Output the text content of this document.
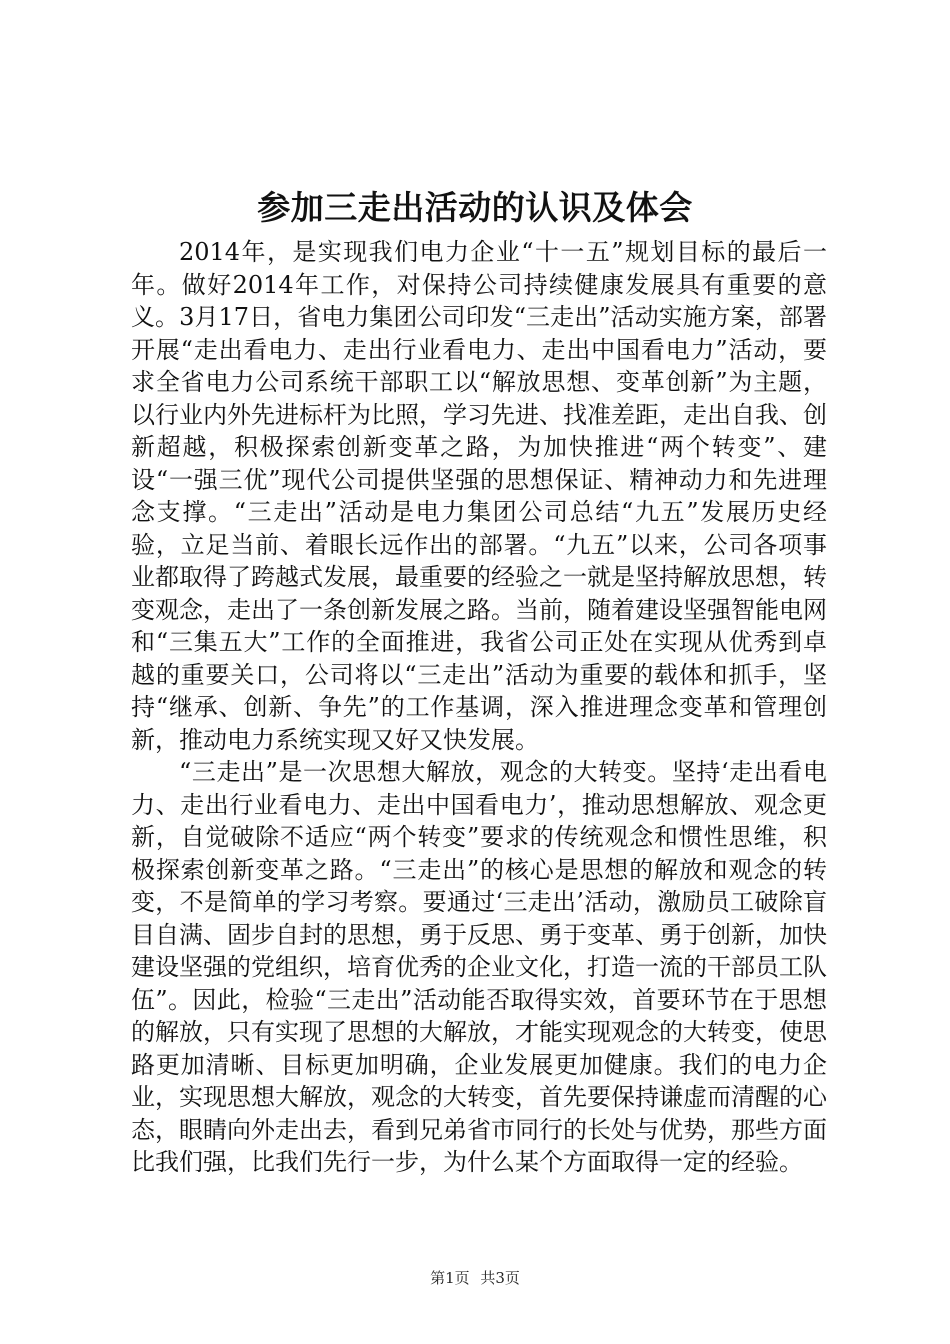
参加三走出活动的认识及体会

2014年，是实现我们电力企业“十一五”规划目标的最后一年。做好2014年工作，对保持公司持续健康发展具有重要的意义。3月17日，省电力集团公司印发“三走出”活动实施方案，部署开展“走出看电力、走出行业看电力、走出中国看电力”活动，要求全省电力公司系统干部职工以“解放思想、变革创新”为主题，以行业内外先进标杆为比照，学习先进、找准差距，走出自我、创新超越，积极探索创新变革之路，为加快推进“两个转变”、建设“一强三优”现代公司提供坚强的思想保证、精神动力和先进理念支撑。“三走出”活动是电力集团公司总结“九五”发展历史经验，立足当前、着眼长远作出的部署。“九五”以来，公司各项事业都取得了跨越式发展，最重要的经验之一就是坚持解放思想，转变观念，走出了一条创新发展之路。当前，随着建设坚强智能电网和“三集五大”工作的全面推进，我省公司正处在实现从优秀到卓越的重要关口，公司将以“三走出”活动为重要的载体和抓手，坚持“继承、创新、争先”的工作基调，深入推进理念变革和管理创新，推动电力系统实现又好又快发展。

“三走出”是一次思想大解放，观念的大转变。坚持‘走出看电力、走出行业看电力、走出中国看电力’，推动思想解放、观念更新，自觉破除不适应“两个转变”要求的传统观念和惯性思维，积极探索创新变革之路。“三走出”的核心是思想的解放和观念的转变，不是简单的学习考察。要通过‘三走出’活动，激励员工破除盲目自满、固步自封的思想，勇于反思、勇于变革、勇于创新，加快建设坚强的党组织，培育优秀的企业文化，打造一流的干部员工队伍”。因此，检验“三走出”活动能否取得实效，首要环节在于思想的解放，只有实现了思想的大解放，才能实现观念的大转变，使思路更加清晰、目标更加明确，企业发展更加健康。我们的电力企业，实现思想大解放，观念的大转变，首先要保持谦虚而清醒的心态，眼睛向外走出去，看到兄弟省市同行的长处与优势，那些方面比我们强，比我们先行一步，为什么某个方面取得一定的经验。

第1页 共3页
